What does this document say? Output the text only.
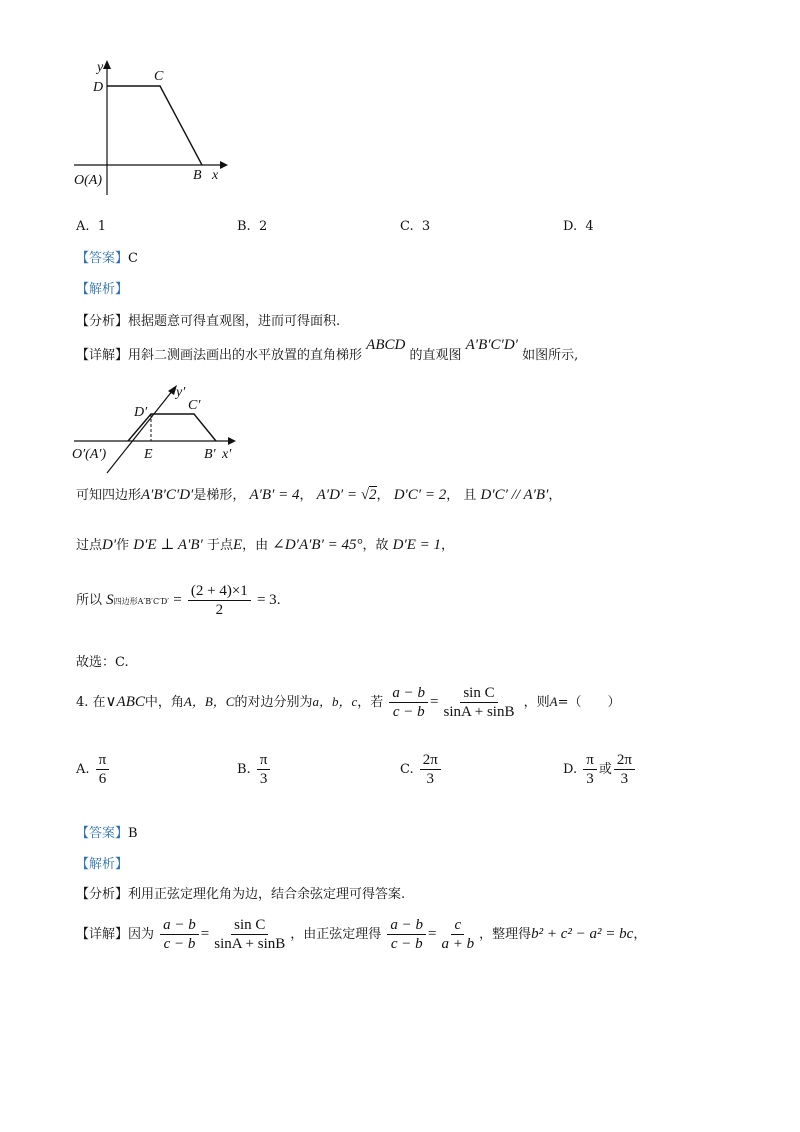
y
D
C
B x
O(A)
A. 1	B. 2	C. 3	D. 4
【答案】C
【解析】
【分析】根据题意可得直观图，进而可得面积.
【详解】用斜二测画法画出的水平放置的直角梯形 ABCD 的直观图 A′B′C′D′ 如图所示,
y′
D′	C′
E	B′ x′
O′(A′)
可知四边形A′B′C′D′是梯形， A′B′ = 4， A′D′ = √2， D′C′ = 2， 且 D′C′ // A′B′，
过点D′作 D′E ⊥ A′B′ 于点E，由 ∠D′A′B′ = 45°，故 D′E = 1，
所以 S四边形$A'B'C'D' = \frac{(2 + 4)\times 1}{2} = 3$.
故选：C.
4. 在∨ABC中，角A，B，C的对边分别为a，b，c，若 $\frac{a - b}{c - b} = \frac{\text{sin C}}{\sin A + \sin B}$ ，则A=（　　）
A. $\frac{\pi}{6}$	B. $\frac{\pi}{3}$	C. $\frac{2\pi}{3}$	D. $\frac{\pi}{3}$ 或 $\frac{2\pi}{3}$
【答案】B
【解析】
【分析】利用正弦定理化角为边，结合余弦定理可得答案.
【详解】因为 $\frac{a - b}{c - b} = \frac{\text{sin C}}{\sin A + \sin B}$ ，由正弦定理得 $\frac{a - b}{c - b} = \frac{c}{a + b}$ ，整理得b² + c² − a² = bc，
